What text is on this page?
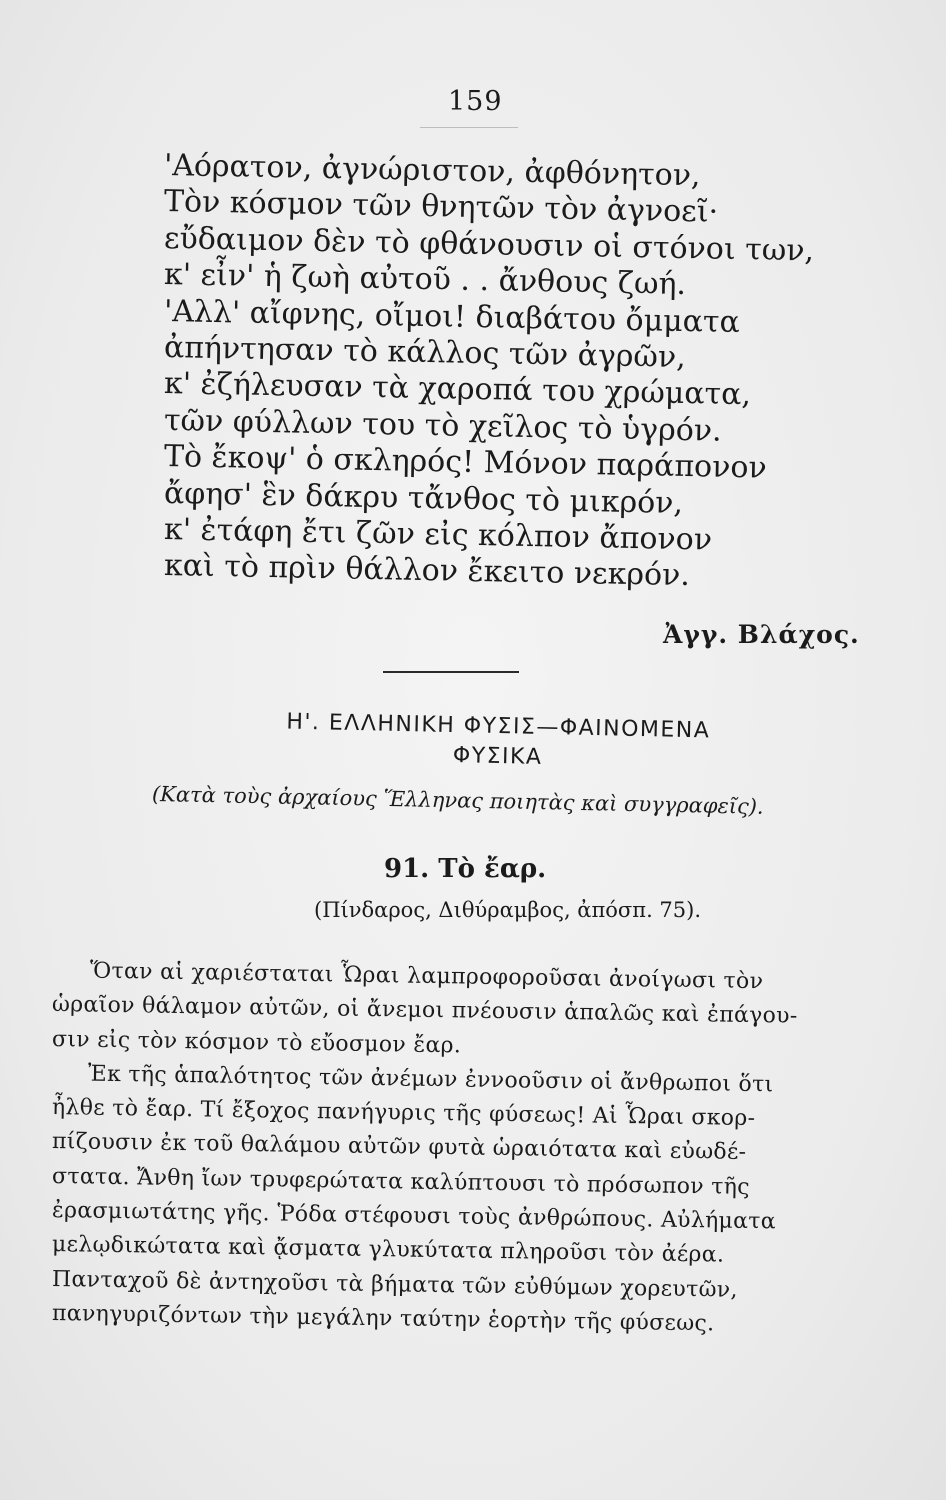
159
'Αόρατον, ἀγνώριστον, ἀφθόνητον,
Τὸν κόσμον τῶν θνητῶν τὸν ἀγνοεῖ·
εὔδαιμον δὲν τὸ φθάνουσιν οἱ στόνοι των,
κ' εἶν' ἡ ζωὴ αὐτοῦ . . ἄνθους ζωή.
'Αλλ' αἴφνης, οἴμοι! διαβάτου ὄμματα
ἀπήντησαν τὸ κάλλος τῶν ἀγρῶν,
κ' ἐζήλευσαν τὰ χαροπά του χρώματα,
τῶν φύλλων του τὸ χεῖλος τὸ ὑγρόν.
Τὸ ἔκοψ' ὁ σκληρός! Μόνον παράπονον
ἄφησ' ἓν δάκρυ τἄνθος τὸ μικρόν,
κ' ἐτάφη ἔτι ζῶν εἰς κόλπον ἄπονον
καὶ τὸ πρὶν θάλλον ἔκειτο νεκρόν.
Ἀγγ. Βλάχος.
Η'. ΕΛΛΗΝΙΚΗ ΦΥΣΙΣ—ΦΑΙΝΟΜΕΝΑ
ΦΥΣΙΚΑ
(Κατὰ τοὺς ἀρχαίους Ἕλληνας ποιητὰς καὶ συγγραφεῖς).
91. Τὸ ἔαρ.
(Πίνδαρος, Διθύραμβος, ἀπόσπ. 75).
Ὅταν αἱ χαριέσταται Ὧραι λαμπροφοροῦσαι ἀνοίγωσι τὸν
ὡραῖον θάλαμον αὐτῶν, οἱ ἄνεμοι πνέουσιν ἁπαλῶς καὶ ἐπάγου-
σιν εἰς τὸν κόσμον τὸ εὔοσμον ἔαρ.
Ἐκ τῆς ἁπαλότητος τῶν ἀνέμων ἐννοοῦσιν οἱ ἄνθρωποι ὅτι
ἦλθε τὸ ἔαρ. Τί ἔξοχος πανήγυρις τῆς φύσεως! Αἱ Ὧραι σκορ-
πίζουσιν ἐκ τοῦ θαλάμου αὐτῶν φυτὰ ὡραιότατα καὶ εὐωδέ-
στατα. Ἄνθη ἴων τρυφερώτατα καλύπτουσι τὸ πρόσωπον τῆς
ἐρασμιωτάτης γῆς. Ῥόδα στέφουσι τοὺς ἀνθρώπους. Αὐλήματα
μελῳδικώτατα καὶ ᾄσματα γλυκύτατα πληροῦσι τὸν ἀέρα.
Πανταχοῦ δὲ ἀντηχοῦσι τὰ βήματα τῶν εὐθύμων χορευτῶν,
πανηγυριζόντων τὴν μεγάλην ταύτην ἑορτὴν τῆς φύσεως.
